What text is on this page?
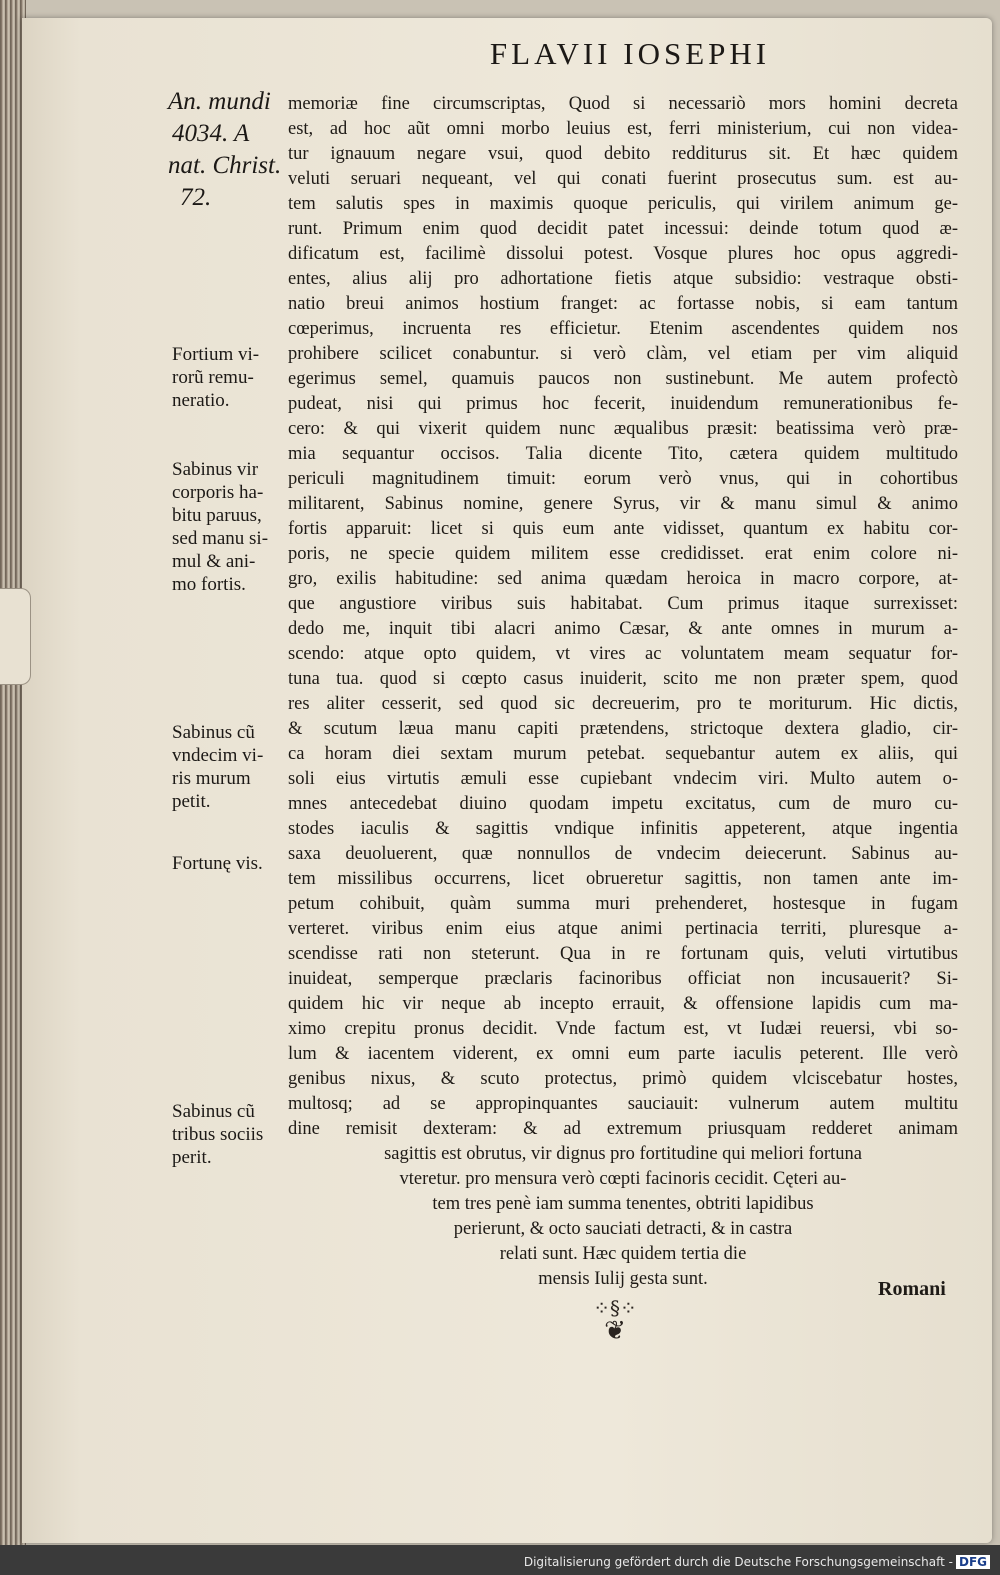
FLAVII IOSEPHI
An. mundi
4034. A
nat. Christ.
72.
Fortium vi-
rorũ remu-
neratio.
Sabinus vir
corporis ha-
bitu paruus,
sed manu si-
mul & ani-
mo fortis.
Sabinus cũ
vndecim vi-
ris murum
petit.
Fortunę vis.
Sabinus cũ
tribus sociis
perit.
memoriæ fine circumscriptas, Quod si necessariò mors homini decreta
est, ad hoc aũt omni morbo leuius est, ferri ministerium, cui non videa-
tur ignauum negare vsui, quod debito redditurus sit. Et hæc quidem
veluti seruari nequeant, vel qui conati fuerint prosecutus sum. est au-
tem salutis spes in maximis quoque periculis, qui virilem animum ge-
runt. Primum enim quod decidit patet incessui: deinde totum quod æ-
dificatum est, facilimè dissolui potest. Vosque plures hoc opus aggredi-
entes, alius alij pro adhortatione fietis atque subsidio: vestraque obsti-
natio breui animos hostium franget: ac fortasse nobis, si eam tantum
cœperimus, incruenta res efficietur. Etenim ascendentes quidem nos
prohibere scilicet conabuntur. si verò clàm, vel etiam per vim aliquid
egerimus semel, quamuis paucos non sustinebunt. Me autem profectò
pudeat, nisi qui primus hoc fecerit, inuidendum remunerationibus fe-
cero: & qui vixerit quidem nunc æqualibus præsit: beatissima verò præ-
mia sequantur occisos. Talia dicente Tito, cætera quidem multitudo
periculi magnitudinem timuit: eorum verò vnus, qui in cohortibus
militarent, Sabinus nomine, genere Syrus, vir & manu simul & animo
fortis apparuit: licet si quis eum ante vidisset, quantum ex habitu cor-
poris, ne specie quidem militem esse credidisset. erat enim colore ni-
gro, exilis habitudine: sed anima quædam heroica in macro corpore, at-
que angustiore viribus suis habitabat. Cum primus itaque surrexisset:
dedo me, inquit tibi alacri animo Cæsar, & ante omnes in murum a-
scendo: atque opto quidem, vt vires ac voluntatem meam sequatur for-
tuna tua. quod si cœpto casus inuiderit, scito me non præter spem, quod
res aliter cesserit, sed quod sic decreuerim, pro te moriturum. Hic dictis,
& scutum læua manu capiti prætendens, strictoque dextera gladio, cir-
ca horam diei sextam murum petebat. sequebantur autem ex aliis, qui
soli eius virtutis æmuli esse cupiebant vndecim viri. Multo autem o-
mnes antecedebat diuino quodam impetu excitatus, cum de muro cu-
stodes iaculis & sagittis vndique infinitis appeterent, atque ingentia
saxa deuoluerent, quæ nonnullos de vndecim deiecerunt. Sabinus au-
tem missilibus occurrens, licet obrueretur sagittis, non tamen ante im-
petum cohibuit, quàm summa muri prehenderet, hostesque in fugam
verteret. viribus enim eius atque animi pertinacia territi, pluresque a-
scendisse rati non steterunt. Qua in re fortunam quis, veluti virtutibus
inuideat, semperque præclaris facinoribus officiat non incusauerit? Si-
quidem hic vir neque ab incepto errauit, & offensione lapidis cum ma-
ximo crepitu pronus decidit. Vnde factum est, vt Iudæi reuersi, vbi so-
lum & iacentem viderent, ex omni eum parte iaculis peterent. Ille verò
genibus nixus, & scuto protectus, primò quidem vlciscebatur hostes,
multosq; ad se appropinquantes sauciauit: vulnerum autem multitu
dine remisit dexteram: & ad extremum priusquam redderet animam
sagittis est obrutus, vir dignus pro fortitudine qui meliori fortuna
vteretur. pro mensura verò cœpti facinoris cecidit. Cęteri au-
tem tres penè iam summa tenentes, obtriti lapidibus
perierunt, & octo sauciati detracti, & in castra
relati sunt. Hæc quidem tertia die
mensis Iulij gesta sunt.
⁘§⁘
❦
Romani
Digitalisierung gefördert durch die Deutsche Forschungsgemeinschaft - DFG
